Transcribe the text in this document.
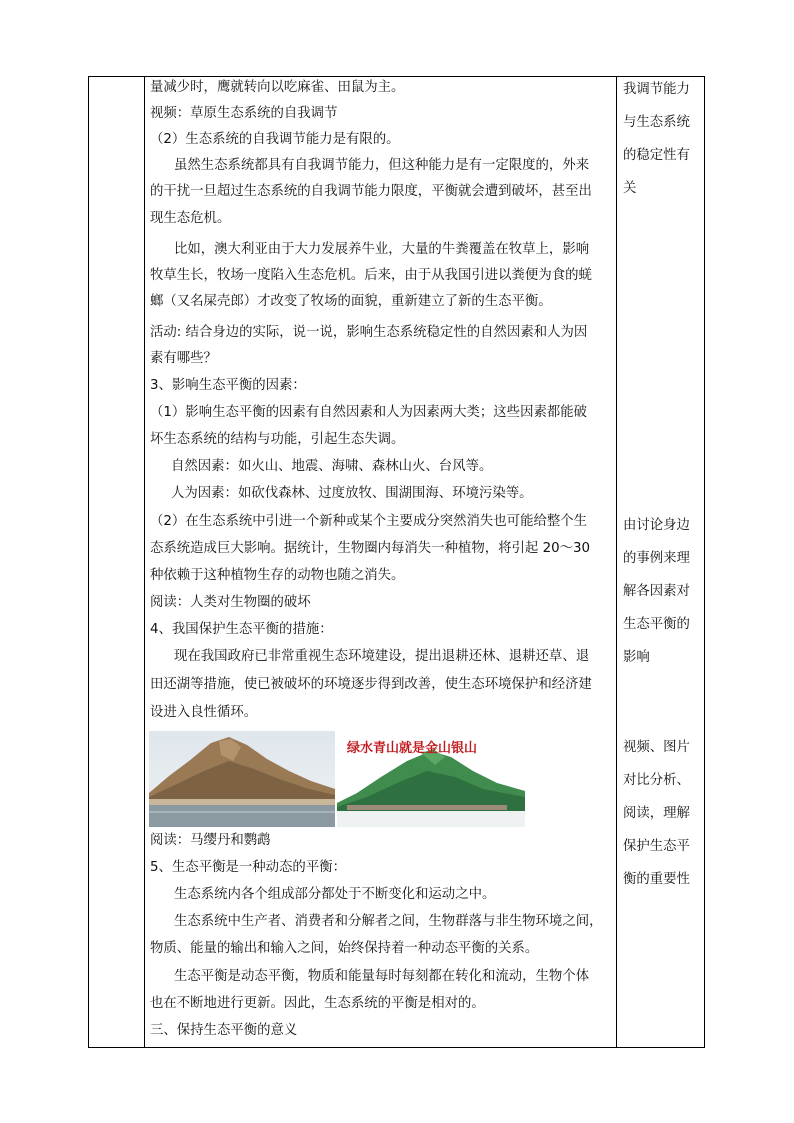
量减少时，鹰就转向以吃麻雀、田鼠为主。
视频：草原生态系统的自我调节
（2）生态系统的自我调节能力是有限的。
虽然生态系统都具有自我调节能力，但这种能力是有一定限度的，外来
的干扰一旦超过生态系统的自我调节能力限度，平衡就会遭到破坏，甚至出
现生态危机。
比如，澳大利亚由于大力发展养牛业，大量的牛粪覆盖在牧草上，影响
牧草生长，牧场一度陷入生态危机。后来，由于从我国引进以粪便为食的蜣
螂（又名屎壳郎）才改变了牧场的面貌，重新建立了新的生态平衡。
活动: 结合身边的实际，说一说，影响生态系统稳定性的自然因素和人为因
素有哪些？
3、影响生态平衡的因素：
（1）影响生态平衡的因素有自然因素和人为因素两大类；这些因素都能破
坏生态系统的结构与功能，引起生态失调。
自然因素：如火山、地震、海啸、森林山火、台风等。
人为因素：如砍伐森林、过度放牧、围湖围海、环境污染等。
（2）在生态系统中引进一个新种或某个主要成分突然消失也可能给整个生
态系统造成巨大影响。据统计，生物圈内每消失一种植物，将引起 20～30
种依赖于这种植物生存的动物也随之消失。
阅读：人类对生物圈的破坏
4、我国保护生态平衡的措施：
现在我国政府已非常重视生态环境建设，提出退耕还林、退耕还草、退
田还湖等措施，使已被破坏的环境逐步得到改善，使生态环境保护和经济建
设进入良性循环。
阅读：马缨丹和鹦鹉
5、生态平衡是一种动态的平衡：
生态系统内各个组成部分都处于不断变化和运动之中。
生态系统中生产者、消费者和分解者之间，生物群落与非生物环境之间，
物质、能量的输出和输入之间，始终保持着一种动态平衡的关系。
生态平衡是动态平衡，物质和能量每时每刻都在转化和流动，生物个体
也在不断地进行更新。因此，生态系统的平衡是相对的。
三、保持生态平衡的意义
绿水青山就是金山银山
我调节能力
与生态系统
的稳定性有
关
由讨论身边
的事例来理
解各因素对
生态平衡的
影响
视频、图片
对比分析、
阅读，理解
保护生态平
衡的重要性
